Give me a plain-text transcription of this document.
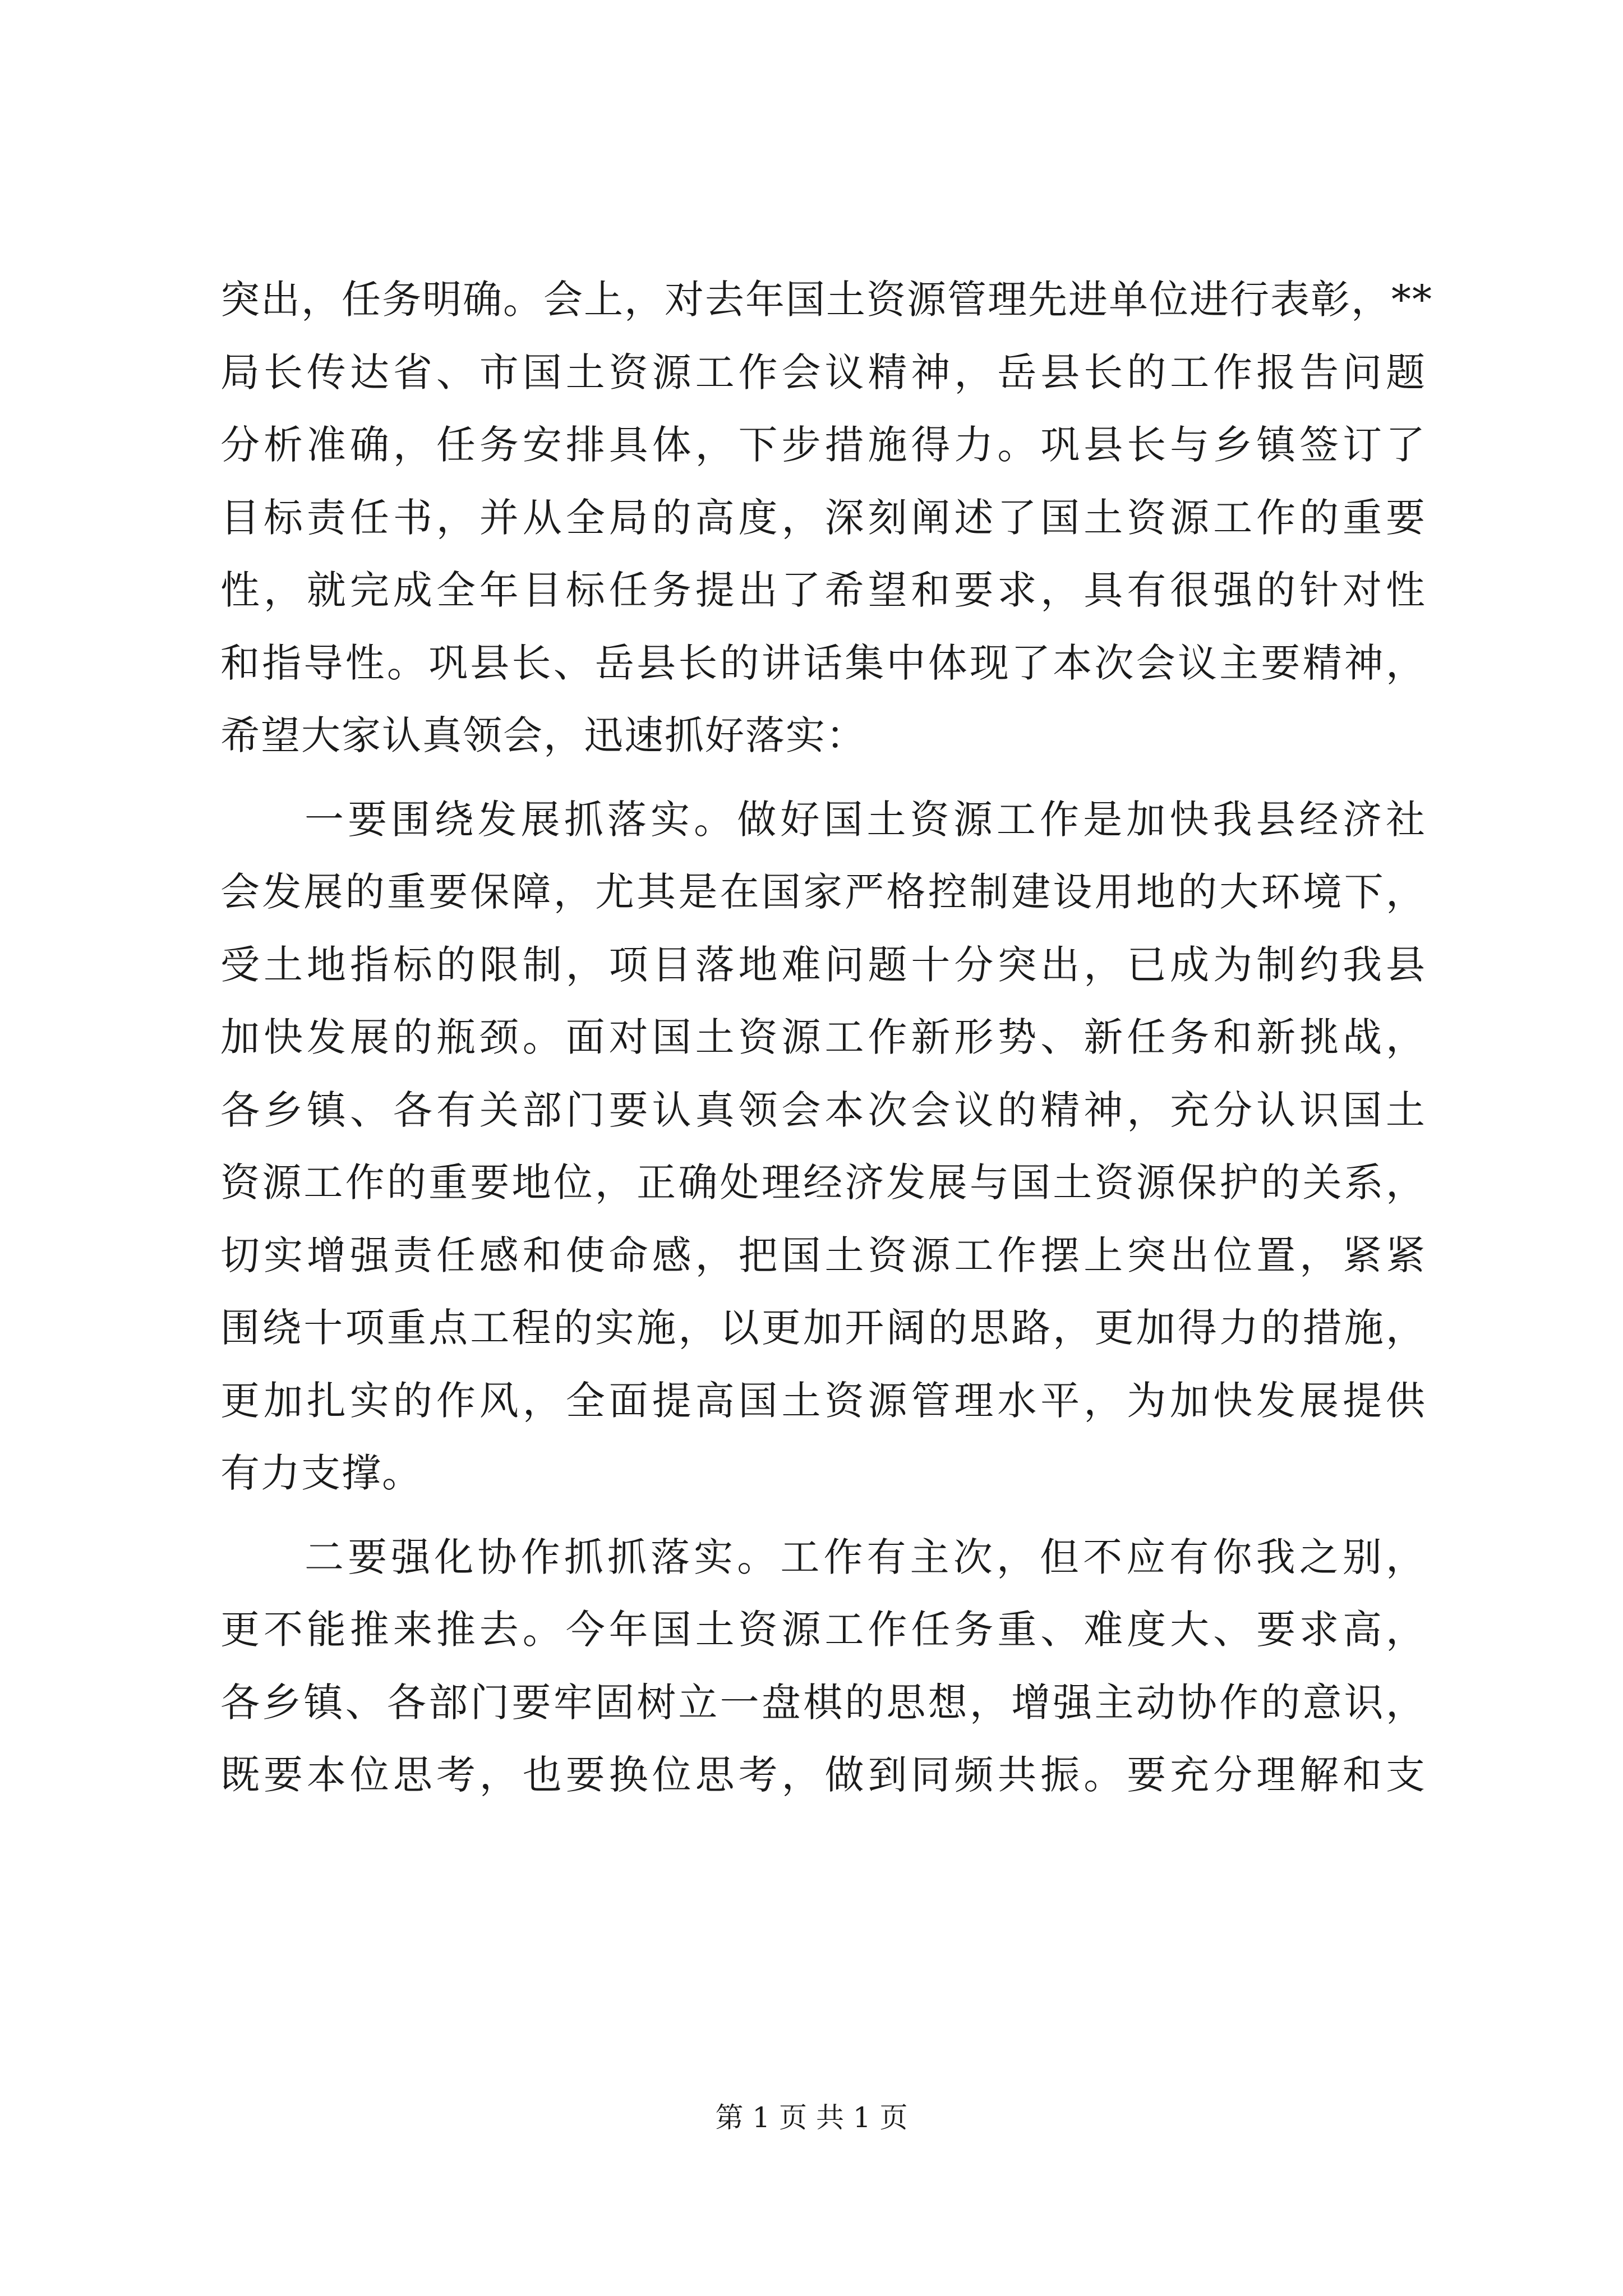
突出，任务明确。会上，对去年国土资源管理先进单位进行表彰，**
局长传达省、市国土资源工作会议精神，岳县长的工作报告问题
分析准确，任务安排具体，下步措施得力。巩县长与乡镇签订了
目标责任书，并从全局的高度，深刻阐述了国土资源工作的重要
性，就完成全年目标任务提出了希望和要求，具有很强的针对性
和指导性。巩县长、岳县长的讲话集中体现了本次会议主要精神，
希望大家认真领会，迅速抓好落实：
一要围绕发展抓落实。做好国土资源工作是加快我县经济社
会发展的重要保障，尤其是在国家严格控制建设用地的大环境下，
受土地指标的限制，项目落地难问题十分突出，已成为制约我县
加快发展的瓶颈。面对国土资源工作新形势、新任务和新挑战，
各乡镇、各有关部门要认真领会本次会议的精神，充分认识国土
资源工作的重要地位，正确处理经济发展与国土资源保护的关系，
切实增强责任感和使命感，把国土资源工作摆上突出位置，紧紧
围绕十项重点工程的实施，以更加开阔的思路，更加得力的措施，
更加扎实的作风，全面提高国土资源管理水平，为加快发展提供
有力支撑。
二要强化协作抓抓落实。工作有主次，但不应有你我之别，
更不能推来推去。今年国土资源工作任务重、难度大、要求高，
各乡镇、各部门要牢固树立一盘棋的思想，增强主动协作的意识，
既要本位思考，也要换位思考，做到同频共振。要充分理解和支
第 1 页 共 1 页
